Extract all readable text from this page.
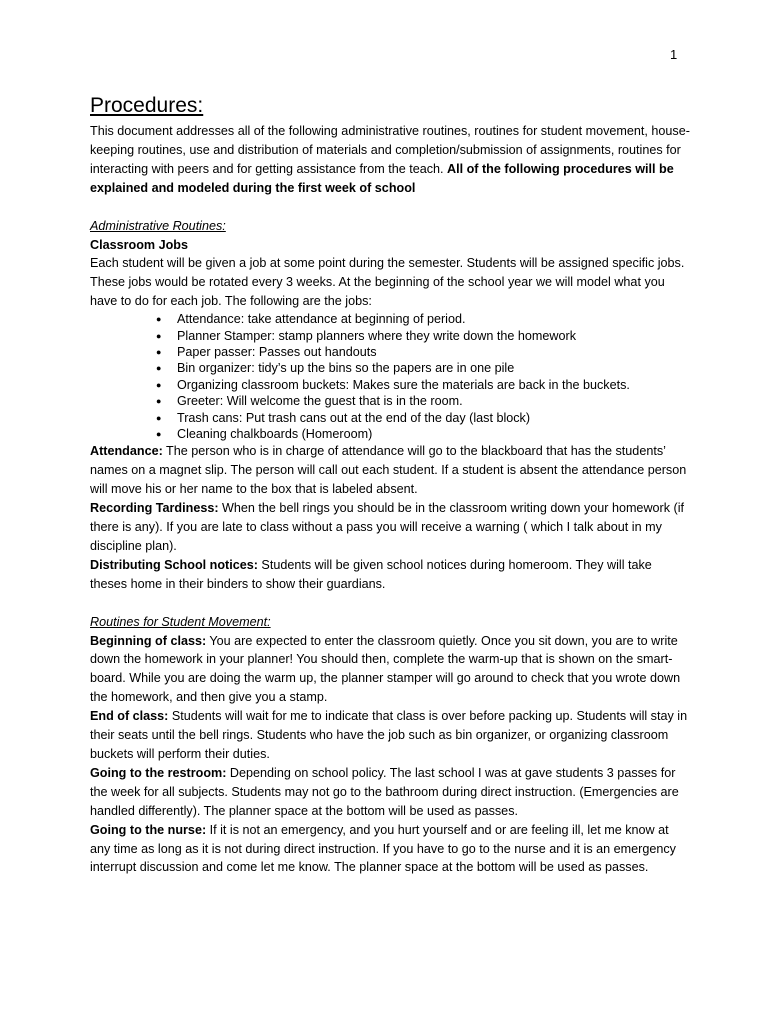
1
Procedures:

This document addresses all of the following administrative routines, routines for student movement, house-keeping routines, use and distribution of materials and completion/submission of assignments, routines for interacting with peers and for getting assistance from the teach. All of the following procedures will be explained and modeled during the first week of school

Administrative Routines:

Classroom Jobs

Each student will be given a job at some point during the semester. Students will be assigned specific jobs. These jobs would be rotated every 3 weeks. At the beginning of the school year we will model what you have to do for each job. The following are the jobs:

● Attendance: take attendance at beginning of period.
● Planner Stamper: stamp planners where they write down the homework
● Paper passer: Passes out handouts
● Bin organizer: tidy’s up the bins so the papers are in one pile
● Organizing classroom buckets: Makes sure the materials are back in the buckets.
● Greeter: Will welcome the guest that is in the room.
● Trash cans: Put trash cans out at the end of the day (last block)
● Cleaning chalkboards (Homeroom)

Attendance: The person who is in charge of attendance will go to the blackboard that has the students’ names on a magnet slip. The person will call out each student. If a student is absent the attendance person will move his or her name to the box that is labeled absent.

Recording Tardiness: When the bell rings you should be in the classroom writing down your homework (if there is any). If you are late to class without a pass you will receive a warning ( which I talk about in my discipline plan).

Distributing School notices: Students will be given school notices during homeroom. They will take theses home in their binders to show their guardians.

Routines for Student Movement:

Beginning of class: You are expected to enter the classroom quietly. Once you sit down, you are to write down the homework in your planner! You should then, complete the warm-up that is shown on the smart-board. While you are doing the warm up, the planner stamper will go around to check that you wrote down the homework, and then give you a stamp.

End of class: Students will wait for me to indicate that class is over before packing up. Students will stay in their seats until the bell rings. Students who have the job such as bin organizer, or organizing classroom buckets will perform their duties.

Going to the restroom: Depending on school policy. The last school I was at gave students 3 passes for the week for all subjects. Students may not go to the bathroom during direct instruction. (Emergencies are handled differently). The planner space at the bottom will be used as passes.

Going to the nurse: If it is not an emergency, and you hurt yourself and or are feeling ill, let me know at any time as long as it is not during direct instruction. If you have to go to the nurse and it is an emergency interrupt discussion and come let me know. The planner space at the bottom will be used as passes.
